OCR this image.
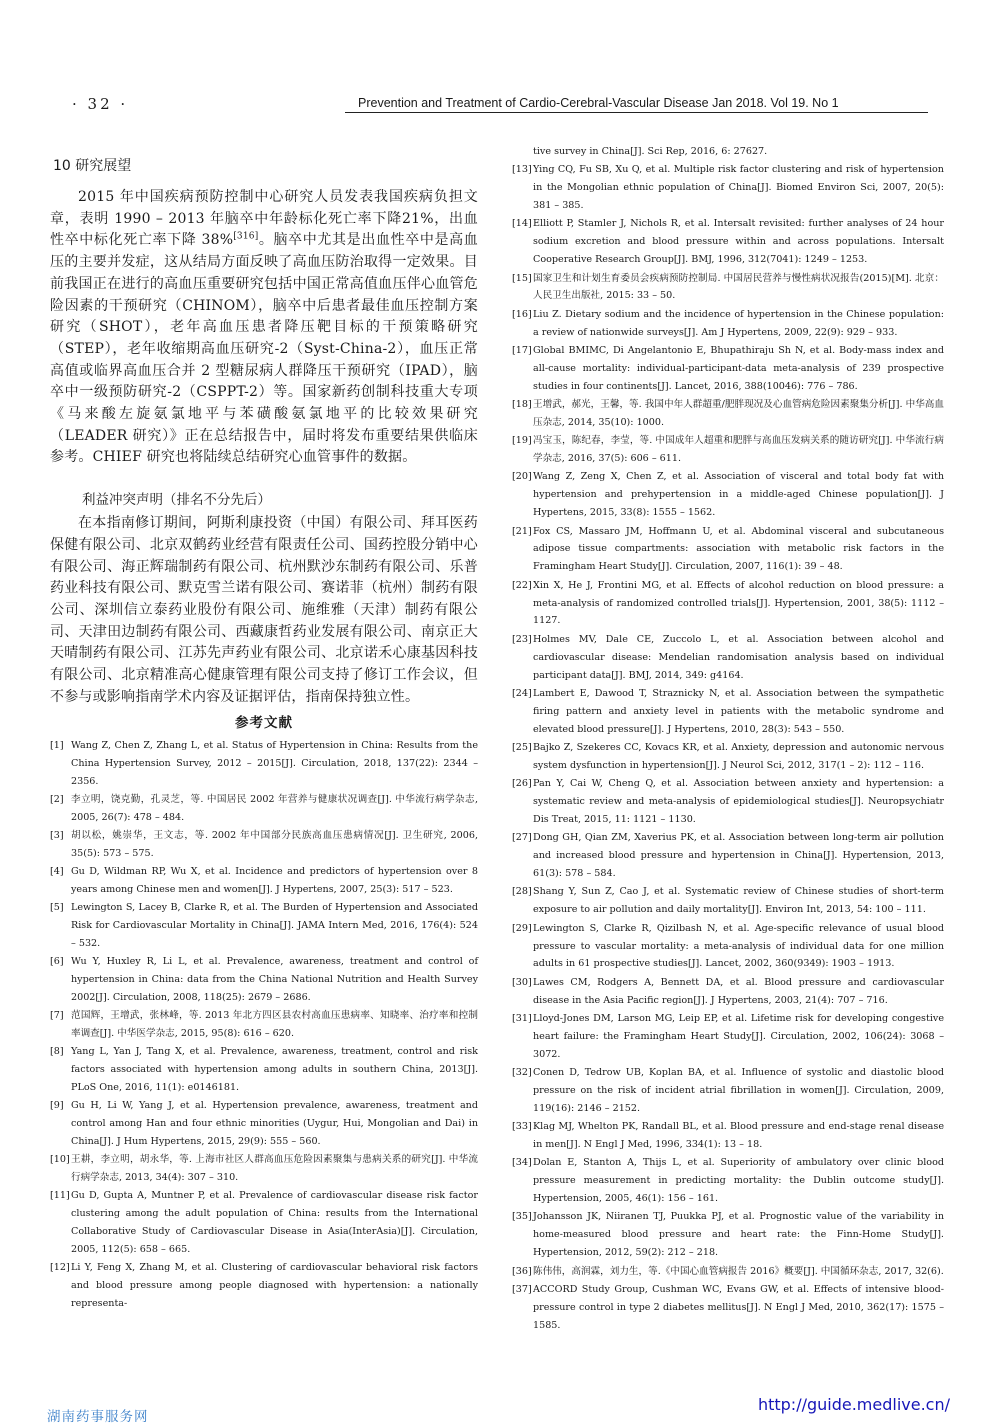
· 32 ·	Prevention and Treatment of Cardio-Cerebral-Vascular Disease Jan 2018. Vol 19. No 1
10 研究展望

2015 年中国疾病预防控制中心研究人员发表我国疾病负担文章，表明 1990 – 2013 年脑卒中年龄标化死亡率下降21%，出血性卒中标化死亡率下降 38%[316]。脑卒中尤其是出血性卒中是高血压的主要并发症，这从结局方面反映了高血压防治取得一定效果。目前我国正在进行的高血压重要研究包括中国正常高值血压伴心血管危险因素的干预研究（CHINOM），脑卒中后患者最佳血压控制方案研究（SHOT），老年高血压患者降压靶目标的干预策略研究（STEP），老年收缩期高血压研究-2（Syst-China-2），血压正常高值或临界高血压合并 2 型糖尿病人群降压干预研究（IPAD），脑卒中一级预防研究-2（CSPPT-2）等。国家新药创制科技重大专项《马来酸左旋氨氯地平与苯磺酸氨氯地平的比较效果研究（LEADER 研究）》正在总结报告中，届时将发布重要结果供临床参考。CHIEF 研究也将陆续总结研究心血管事件的数据。

利益冲突声明（排名不分先后）

在本指南修订期间，阿斯利康投资（中国）有限公司、拜耳医药保健有限公司、北京双鹤药业经营有限责任公司、国药控股分销中心有限公司、海正辉瑞制药有限公司、杭州默沙东制药有限公司、乐普药业科技有限公司、默克雪兰诺有限公司、赛诺菲（杭州）制药有限公司、深圳信立泰药业股份有限公司、施维雅（天津）制药有限公司、天津田边制药有限公司、西藏康哲药业发展有限公司、南京正大天晴制药有限公司、江苏先声药业有限公司、北京诺禾心康基因科技有限公司、北京精准高心健康管理有限公司支持了修订工作会议，但不参与或影响指南学术内容及证据评估，指南保持独立性。

参考文献
[1] Wang Z, Chen Z, Zhang L, et al. Status of Hypertension in China: Results from the China Hypertension Survey, 2012 – 2015[J]. Circulation, 2018, 137(22): 2344 – 2356.
[2] 李立明，饶克勤，孔灵芝，等. 中国居民 2002 年营养与健康状况调查[J]. 中华流行病学杂志, 2005, 26(7): 478 – 484.
[3] 胡以松，姚崇华，王文志，等. 2002 年中国部分民族高血压患病情况[J]. 卫生研究, 2006, 35(5): 573 – 575.
[4] Gu D, Wildman RP, Wu X, et al. Incidence and predictors of hypertension over 8 years among Chinese men and women[J]. J Hypertens, 2007, 25(3): 517 – 523.
[5] Lewington S, Lacey B, Clarke R, et al. The Burden of Hypertension and Associated Risk for Cardiovascular Mortality in China[J]. JAMA Intern Med, 2016, 176(4): 524 – 532.
[6] Wu Y, Huxley R, Li L, et al. Prevalence, awareness, treatment and control of hypertension in China: data from the China National Nutrition and Health Survey 2002[J]. Circulation, 2008, 118(25): 2679 – 2686.
[7] 范国辉，王增武，张林峰，等. 2013 年北方四区县农村高血压患病率、知晓率、治疗率和控制率调查[J]. 中华医学杂志, 2015, 95(8): 616 – 620.
[8] Yang L, Yan J, Tang X, et al. Prevalence, awareness, treatment, control and risk factors associated with hypertension among adults in southern China, 2013[J]. PLoS One, 2016, 11(1): e0146181.
[9] Gu H, Li W, Yang J, et al. Hypertension prevalence, awareness, treatment and control among Han and four ethnic minorities (Uygur, Hui, Mongolian and Dai) in China[J]. J Hum Hypertens, 2015, 29(9): 555 – 560.
[10] 王耕，李立明，胡永华，等. 上海市社区人群高血压危险因素聚集与患病关系的研究[J]. 中华流行病学杂志, 2013, 34(4): 307 – 310.
[11] Gu D, Gupta A, Muntner P, et al. Prevalence of cardiovascular disease risk factor clustering among the adult population of China: results from the International Collaborative Study of Cardiovascular Disease in Asia(InterAsia)[J]. Circulation, 2005, 112(5): 658 – 665.
[12] Li Y, Feng X, Zhang M, et al. Clustering of cardiovascular behavioral risk factors and blood pressure among people diagnosed with hypertension: a nationally representa-
tive survey in China[J]. Sci Rep, 2016, 6: 27627.
[13] Ying CQ, Fu SB, Xu Q, et al. Multiple risk factor clustering and risk of hypertension in the Mongolian ethnic population of China[J]. Biomed Environ Sci, 2007, 20(5): 381 – 385.
[14] Elliott P, Stamler J, Nichols R, et al. Intersalt revisited: further analyses of 24 hour sodium excretion and blood pressure within and across populations. Intersalt Cooperative Research Group[J]. BMJ, 1996, 312(7041): 1249 – 1253.
[15] 国家卫生和计划生育委员会疾病预防控制局. 中国居民营养与慢性病状况报告(2015)[M]. 北京：人民卫生出版社, 2015: 33 – 50.
[16] Liu Z. Dietary sodium and the incidence of hypertension in the Chinese population: a review of nationwide surveys[J]. Am J Hypertens, 2009, 22(9): 929 – 933.
[17] Global BMIMC, Di Angelantonio E, Bhupathiraju Sh N, et al. Body-mass index and all-cause mortality: individual-participant-data meta-analysis of 239 prospective studies in four continents[J]. Lancet, 2016, 388(10046): 776 – 786.
[18] 王增武，郝光，王馨，等. 我国中年人群超重/肥胖现况及心血管病危险因素聚集分析[J]. 中华高血压杂志, 2014, 35(10): 1000.
[19] 冯宝玉，陈纪春，李莹，等. 中国成年人超重和肥胖与高血压发病关系的随访研究[J]. 中华流行病学杂志, 2016, 37(5): 606 – 611.
[20] Wang Z, Zeng X, Chen Z, et al. Association of visceral and total body fat with hypertension and prehypertension in a middle-aged Chinese population[J]. J Hypertens, 2015, 33(8): 1555 – 1562.
[21] Fox CS, Massaro JM, Hoffmann U, et al. Abdominal visceral and subcutaneous adipose tissue compartments: association with metabolic risk factors in the Framingham Heart Study[J]. Circulation, 2007, 116(1): 39 – 48.
[22] Xin X, He J, Frontini MG, et al. Effects of alcohol reduction on blood pressure: a meta-analysis of randomized controlled trials[J]. Hypertension, 2001, 38(5): 1112 – 1127.
[23] Holmes MV, Dale CE, Zuccolo L, et al. Association between alcohol and cardiovascular disease: Mendelian randomisation analysis based on individual participant data[J]. BMJ, 2014, 349: g4164.
[24] Lambert E, Dawood T, Straznicky N, et al. Association between the sympathetic firing pattern and anxiety level in patients with the metabolic syndrome and elevated blood pressure[J]. J Hypertens, 2010, 28(3): 543 – 550.
[25] Bajko Z, Szekeres CC, Kovacs KR, et al. Anxiety, depression and autonomic nervous system dysfunction in hypertension[J]. J Neurol Sci, 2012, 317(1 – 2): 112 – 116.
[26] Pan Y, Cai W, Cheng Q, et al. Association between anxiety and hypertension: a systematic review and meta-analysis of epidemiological studies[J]. Neuropsychiatr Dis Treat, 2015, 11: 1121 – 1130.
[27] Dong GH, Qian ZM, Xaverius PK, et al. Association between long-term air pollution and increased blood pressure and hypertension in China[J]. Hypertension, 2013, 61(3): 578 – 584.
[28] Shang Y, Sun Z, Cao J, et al. Systematic review of Chinese studies of short-term exposure to air pollution and daily mortality[J]. Environ Int, 2013, 54: 100 – 111.
[29] Lewington S, Clarke R, Qizilbash N, et al. Age-specific relevance of usual blood pressure to vascular mortality: a meta-analysis of individual data for one million adults in 61 prospective studies[J]. Lancet, 2002, 360(9349): 1903 – 1913.
[30] Lawes CM, Rodgers A, Bennett DA, et al. Blood pressure and cardiovascular disease in the Asia Pacific region[J]. J Hypertens, 2003, 21(4): 707 – 716.
[31] Lloyd-Jones DM, Larson MG, Leip EP, et al. Lifetime risk for developing congestive heart failure: the Framingham Heart Study[J]. Circulation, 2002, 106(24): 3068 – 3072.
[32] Conen D, Tedrow UB, Koplan BA, et al. Influence of systolic and diastolic blood pressure on the risk of incident atrial fibrillation in women[J]. Circulation, 2009, 119(16): 2146 – 2152.
[33] Klag MJ, Whelton PK, Randall BL, et al. Blood pressure and end-stage renal disease in men[J]. N Engl J Med, 1996, 334(1): 13 – 18.
[34] Dolan E, Stanton A, Thijs L, et al. Superiority of ambulatory over clinic blood pressure measurement in predicting mortality: the Dublin outcome study[J]. Hypertension, 2005, 46(1): 156 – 161.
[35] Johansson JK, Niiranen TJ, Puukka PJ, et al. Prognostic value of the variability in home-measured blood pressure and heart rate: the Finn-Home Study[J]. Hypertension, 2012, 59(2): 212 – 218.
[36] 陈伟伟，高润霖，刘力生，等.《中国心血管病报告 2016》概要[J]. 中国循环杂志, 2017, 32(6).
[37] ACCORD Study Group, Cushman WC, Evans GW, et al. Effects of intensive blood-pressure control in type 2 diabetes mellitus[J]. N Engl J Med, 2010, 362(17): 1575 – 1585.
湖南药事服务网
http://guide.medlive.cn/
